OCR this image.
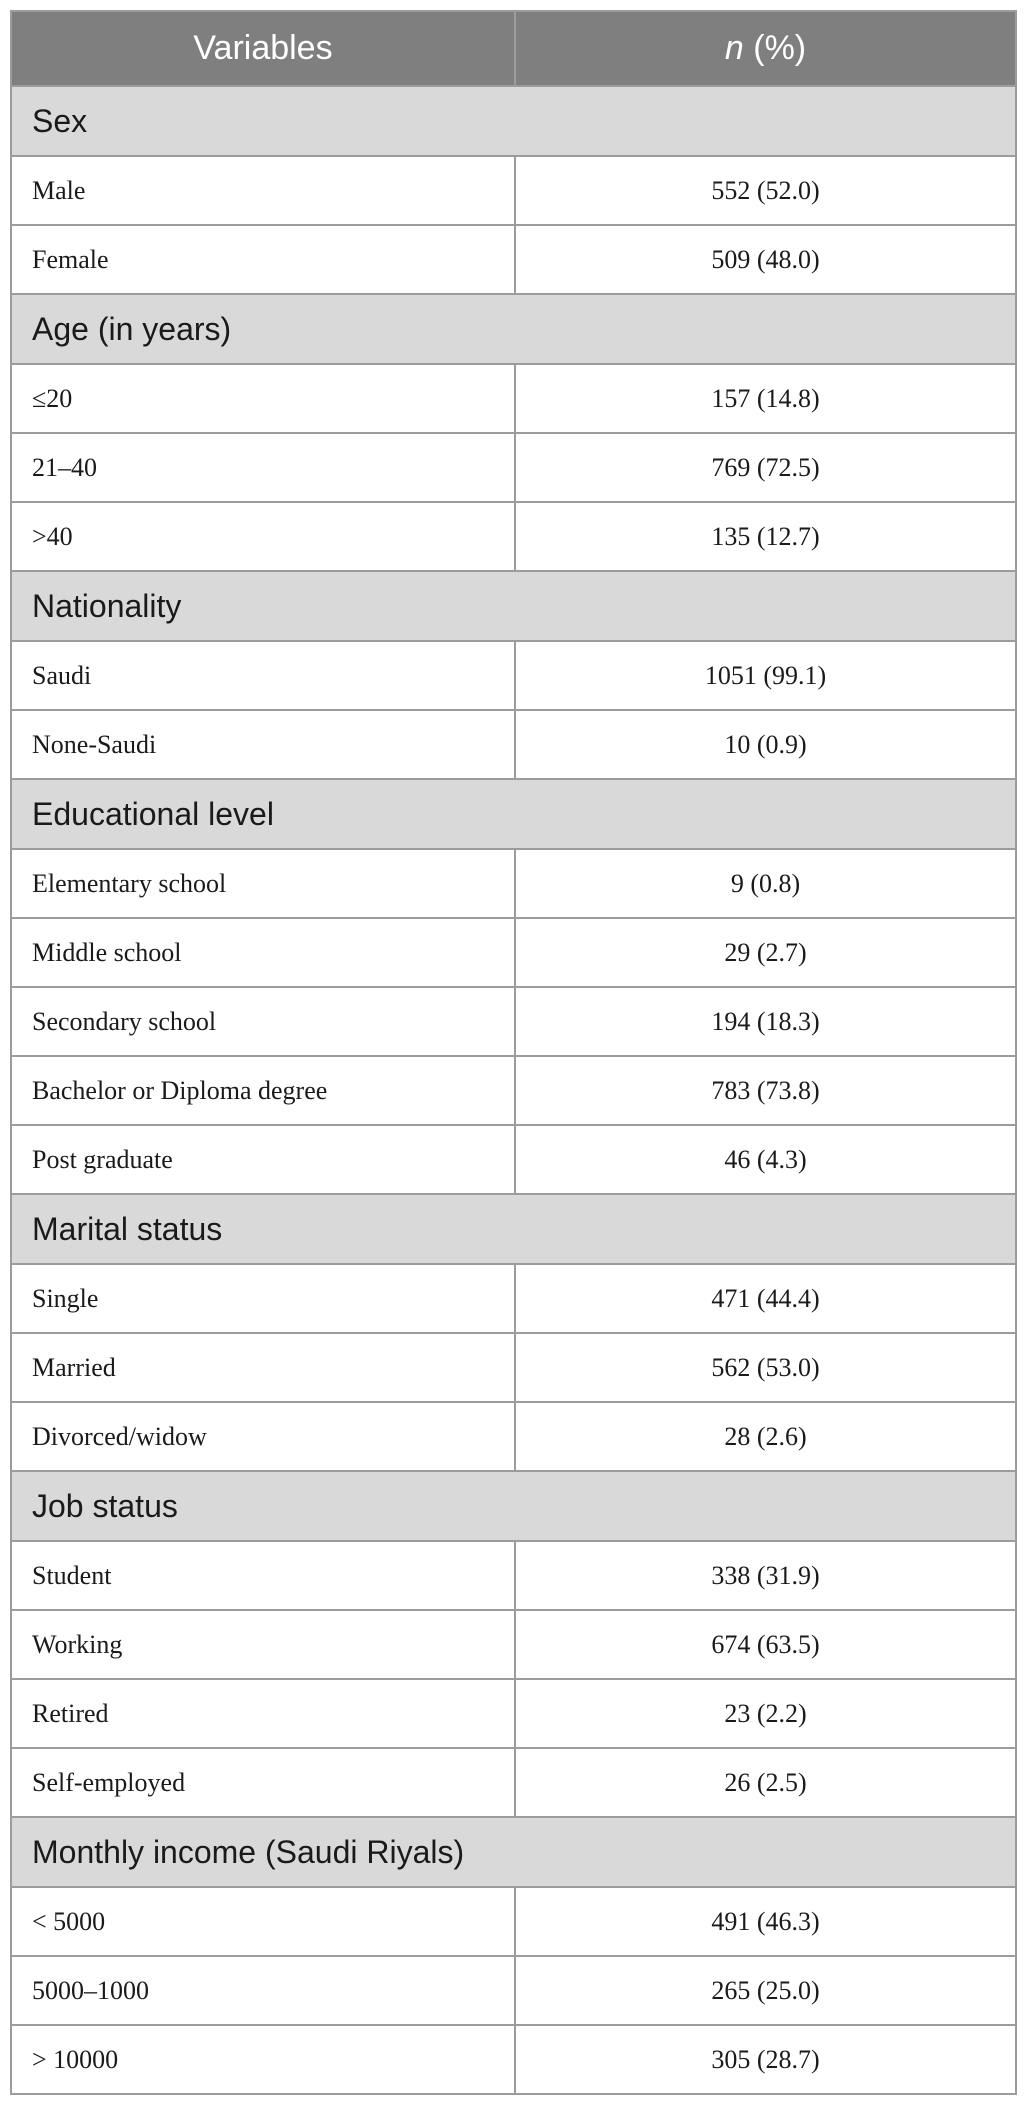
Variables	n (%)
Sex	
Male	552 (52.0)
Female	509 (48.0)
Age (in years)	
≤20	157 (14.8)
21–40	769 (72.5)
>40	135 (12.7)
Nationality	
Saudi	1051 (99.1)
None-Saudi	10 (0.9)
Educational level	
Elementary school	9 (0.8)
Middle school	29 (2.7)
Secondary school	194 (18.3)
Bachelor or Diploma degree	783 (73.8)
Post graduate	46 (4.3)
Marital status	
Single	471 (44.4)
Married	562 (53.0)
Divorced/widow	28 (2.6)
Job status	
Student	338 (31.9)
Working	674 (63.5)
Retired	23 (2.2)
Self-employed	26 (2.5)
Monthly income (Saudi Riyals)	
< 5000	491 (46.3)
5000–1000	265 (25.0)
> 10000	305 (28.7)
